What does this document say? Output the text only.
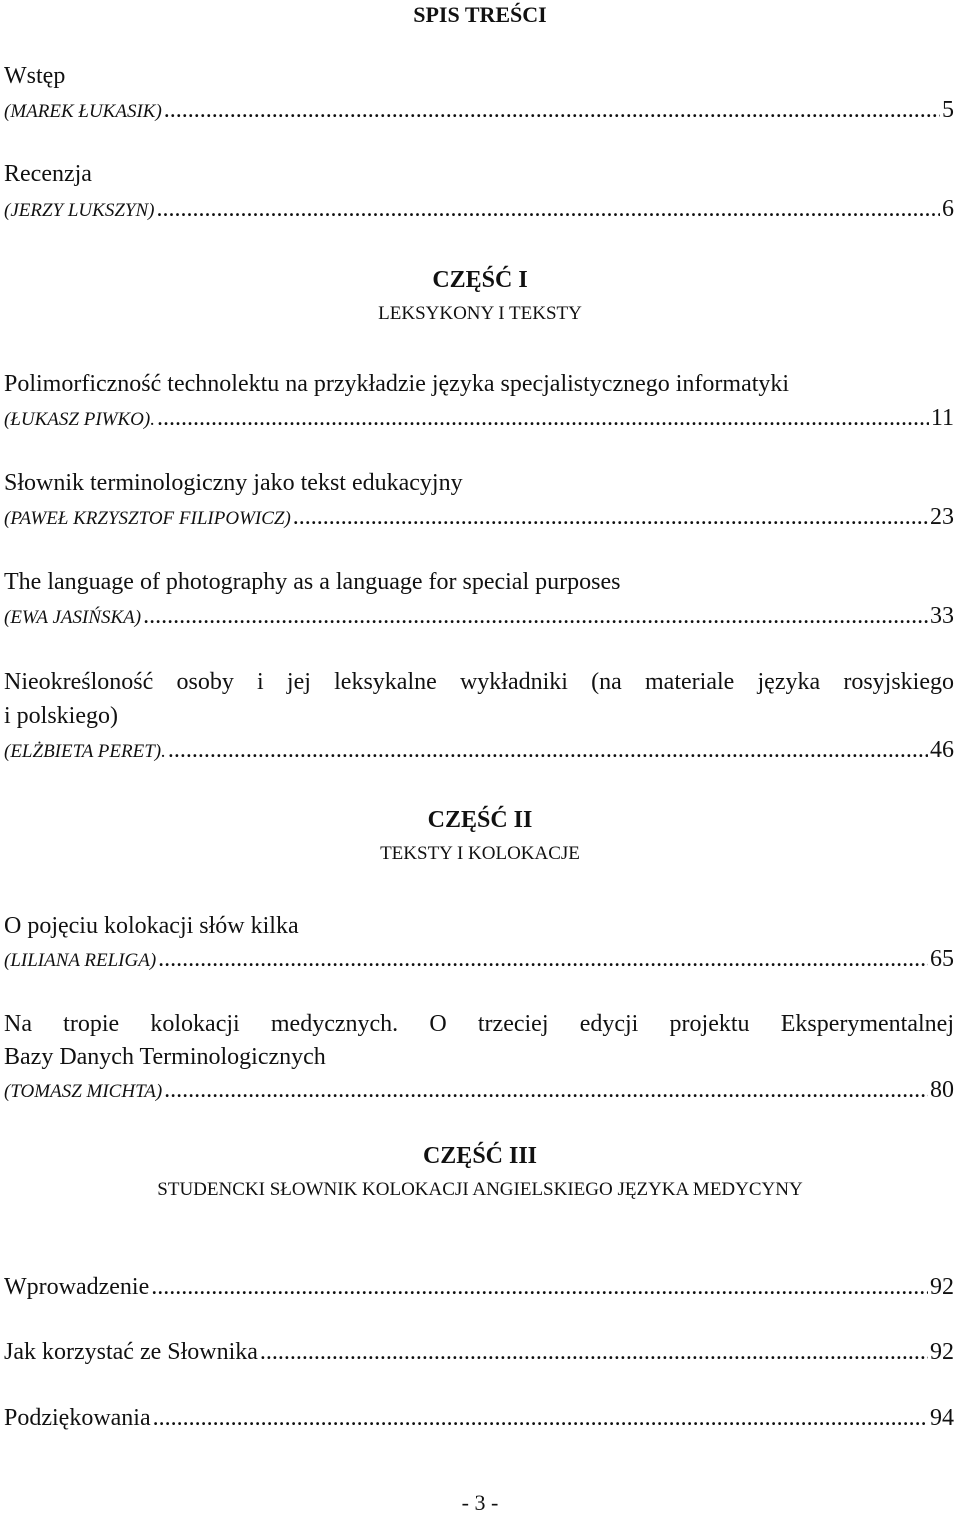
SPIS TREŚCI
Wstęp
(MAREK ŁUKASIK) .....	5
Recenzja
(JERZY LUKSZYN) .....	6
CZĘŚĆ I
LEKSYKONY I TEKSTY
Polimorficzność technolektu na przykładzie języka specjalistycznego informatyki
(ŁUKASZ PIWKO). .....	11
Słownik terminologiczny jako tekst edukacyjny
(PAWEŁ KRZYSZTOF FILIPOWICZ) .....	23
The language of photography as a language for special purposes
(EWA JASIŃSKA) .....	33
Nieokreśloność osoby i jej leksykalne wykładniki (na materiale języka rosyjskiego
i polskiego)
(ELŻBIETA PERET). .....	46
CZĘŚĆ II
TEKSTY I KOLOKACJE
O pojęciu kolokacji słów kilka
(LILIANA RELIGA) .....	65
Na tropie kolokacji medycznych. O trzeciej edycji projektu Eksperymentalnej
Bazy Danych Terminologicznych
(TOMASZ MICHTA) .....	80
CZĘŚĆ III
STUDENCKI SŁOWNIK KOLOKACJI ANGIELSKIEGO JĘZYKA MEDYCYNY
Wprowadzenie .....	92
Jak korzystać ze Słownika .....	92
Podziękowania .....	94
- 3 -
